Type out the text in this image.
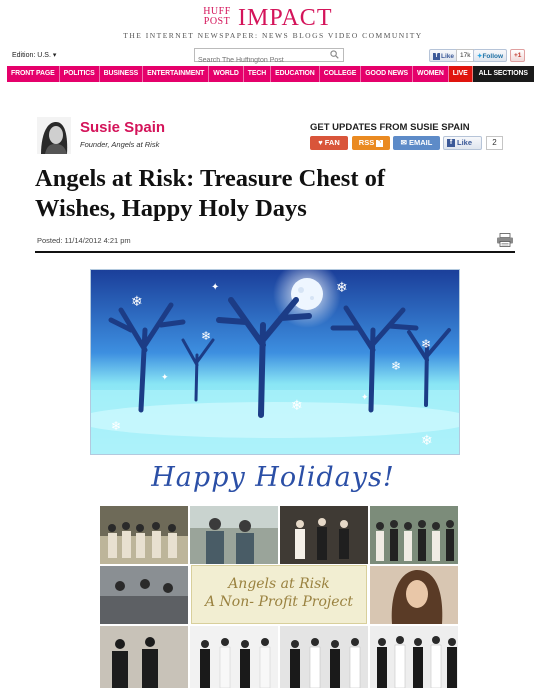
HUFF POST IMPACT
THE INTERNET NEWSPAPER: NEWS BLOGS VIDEO COMMUNITY
Edition: U.S. ▾
Search The Huffington Post	f Like 17k	✦Follow	+1
FRONT PAGE	POLITICS	BUSINESS	ENTERTAINMENT	WORLD	TECH	EDUCATION	COLLEGE	GOOD NEWS	WOMEN	LIVE	ALL SECTIONS
Susie Spain
Founder, Angels at Risk
GET UPDATES FROM SUSIE SPAIN
♥ FAN	RSS ◝	✉ EMAIL	f Like	2
Angels at Risk: Treasure Chest of
Wishes, Happy Holy Days
Posted: 11/14/2012 4:21 pm
❄
❄
❄
❄
❄
❄
❄
❄
✦
✦
✦
Happy Holidays!
Angels at Risk
A Non- Profit Project
